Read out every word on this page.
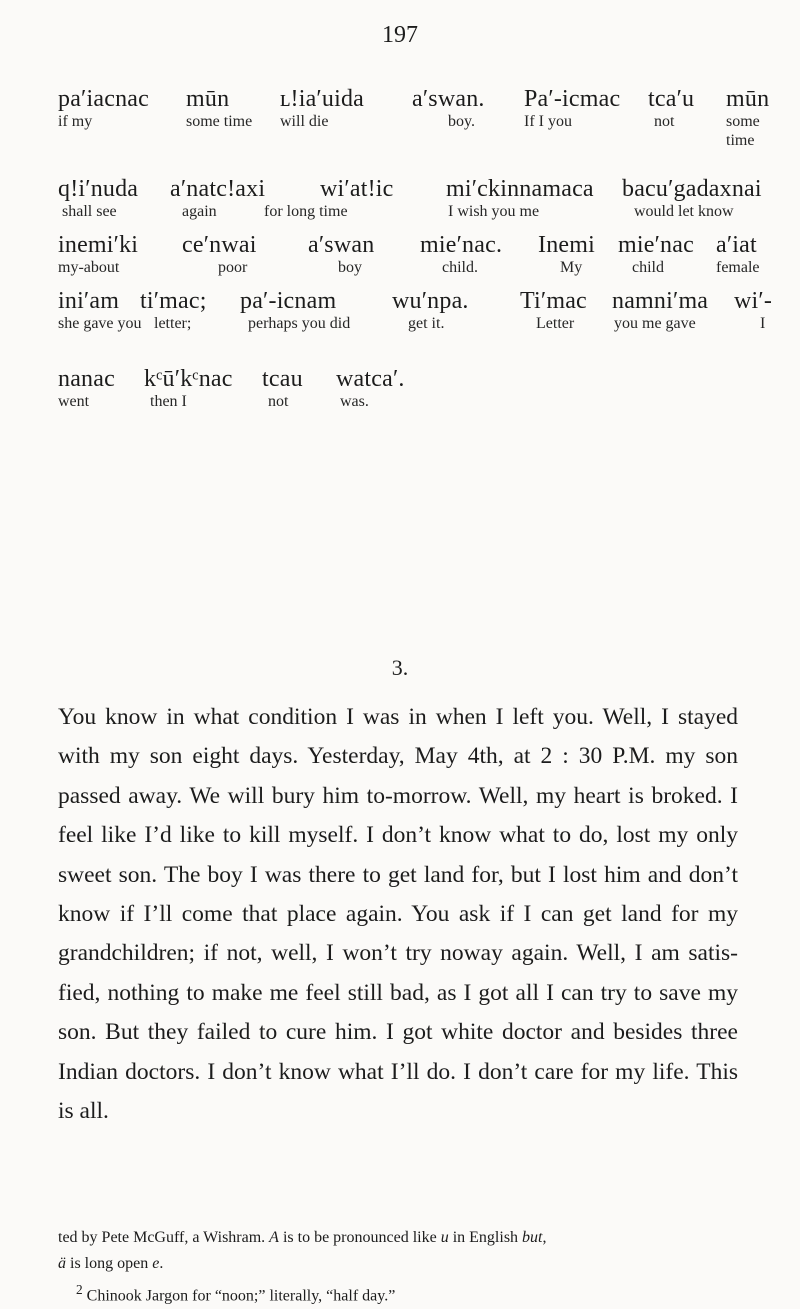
197
pa′iacnac
if my
mūn
some time
ʟ!ia′uida
will die
a′swan.
boy.
Pa′-icmac
If I you
tca′u
not
mūn
some time
q!i′nuda
shall see
a′natc!axi
again
wi′at!ic
for long time
mi′ckinnamaca
I wish you me
bacu′gadaxnai
would let know
inemi′ki
my-about
ce′nwai
poor
a′swan
boy
mie′nac.
child.
Inemi
My
mie′nac
child
a′iat
female
ini′am
she gave you
ti′mac;
letter;
pa′-icnam
perhaps you did
wu′npa.
get it.
Ti′mac
Letter
namni′ma
you me gave
wi′-
I
nanac
went
kᶜū′kᶜnac
then I
tcau
not
watca′.
was.
3.

You know in what condition I was in when I left you. Well, I stayed with my son eight days. Yesterday, May 4th, at 2 : 30 P.M. my son passed away. We will bury him to-morrow. Well, my heart is broked. I feel like I’d like to kill myself. I don’t know what to do, lost my only sweet son. The boy I was there to get land for, but I lost him and don’t know if I’ll come that place again. You ask if I can get land for my grandchildren; if not, well, I won’t try noway again. Well, I am satisfied, nothing to make me feel still bad, as I got all I can try to save my son. But they failed to cure him. I got white doctor and besides three Indian doctors. I don’t know what I’ll do. I don’t care for my life. This is all.

ted by Pete McGuff, a Wishram. A is to be pronounced like u in English but,

ä is long open e.

$^2$ Chinook Jargon for “noon;” literally, “half day.”
